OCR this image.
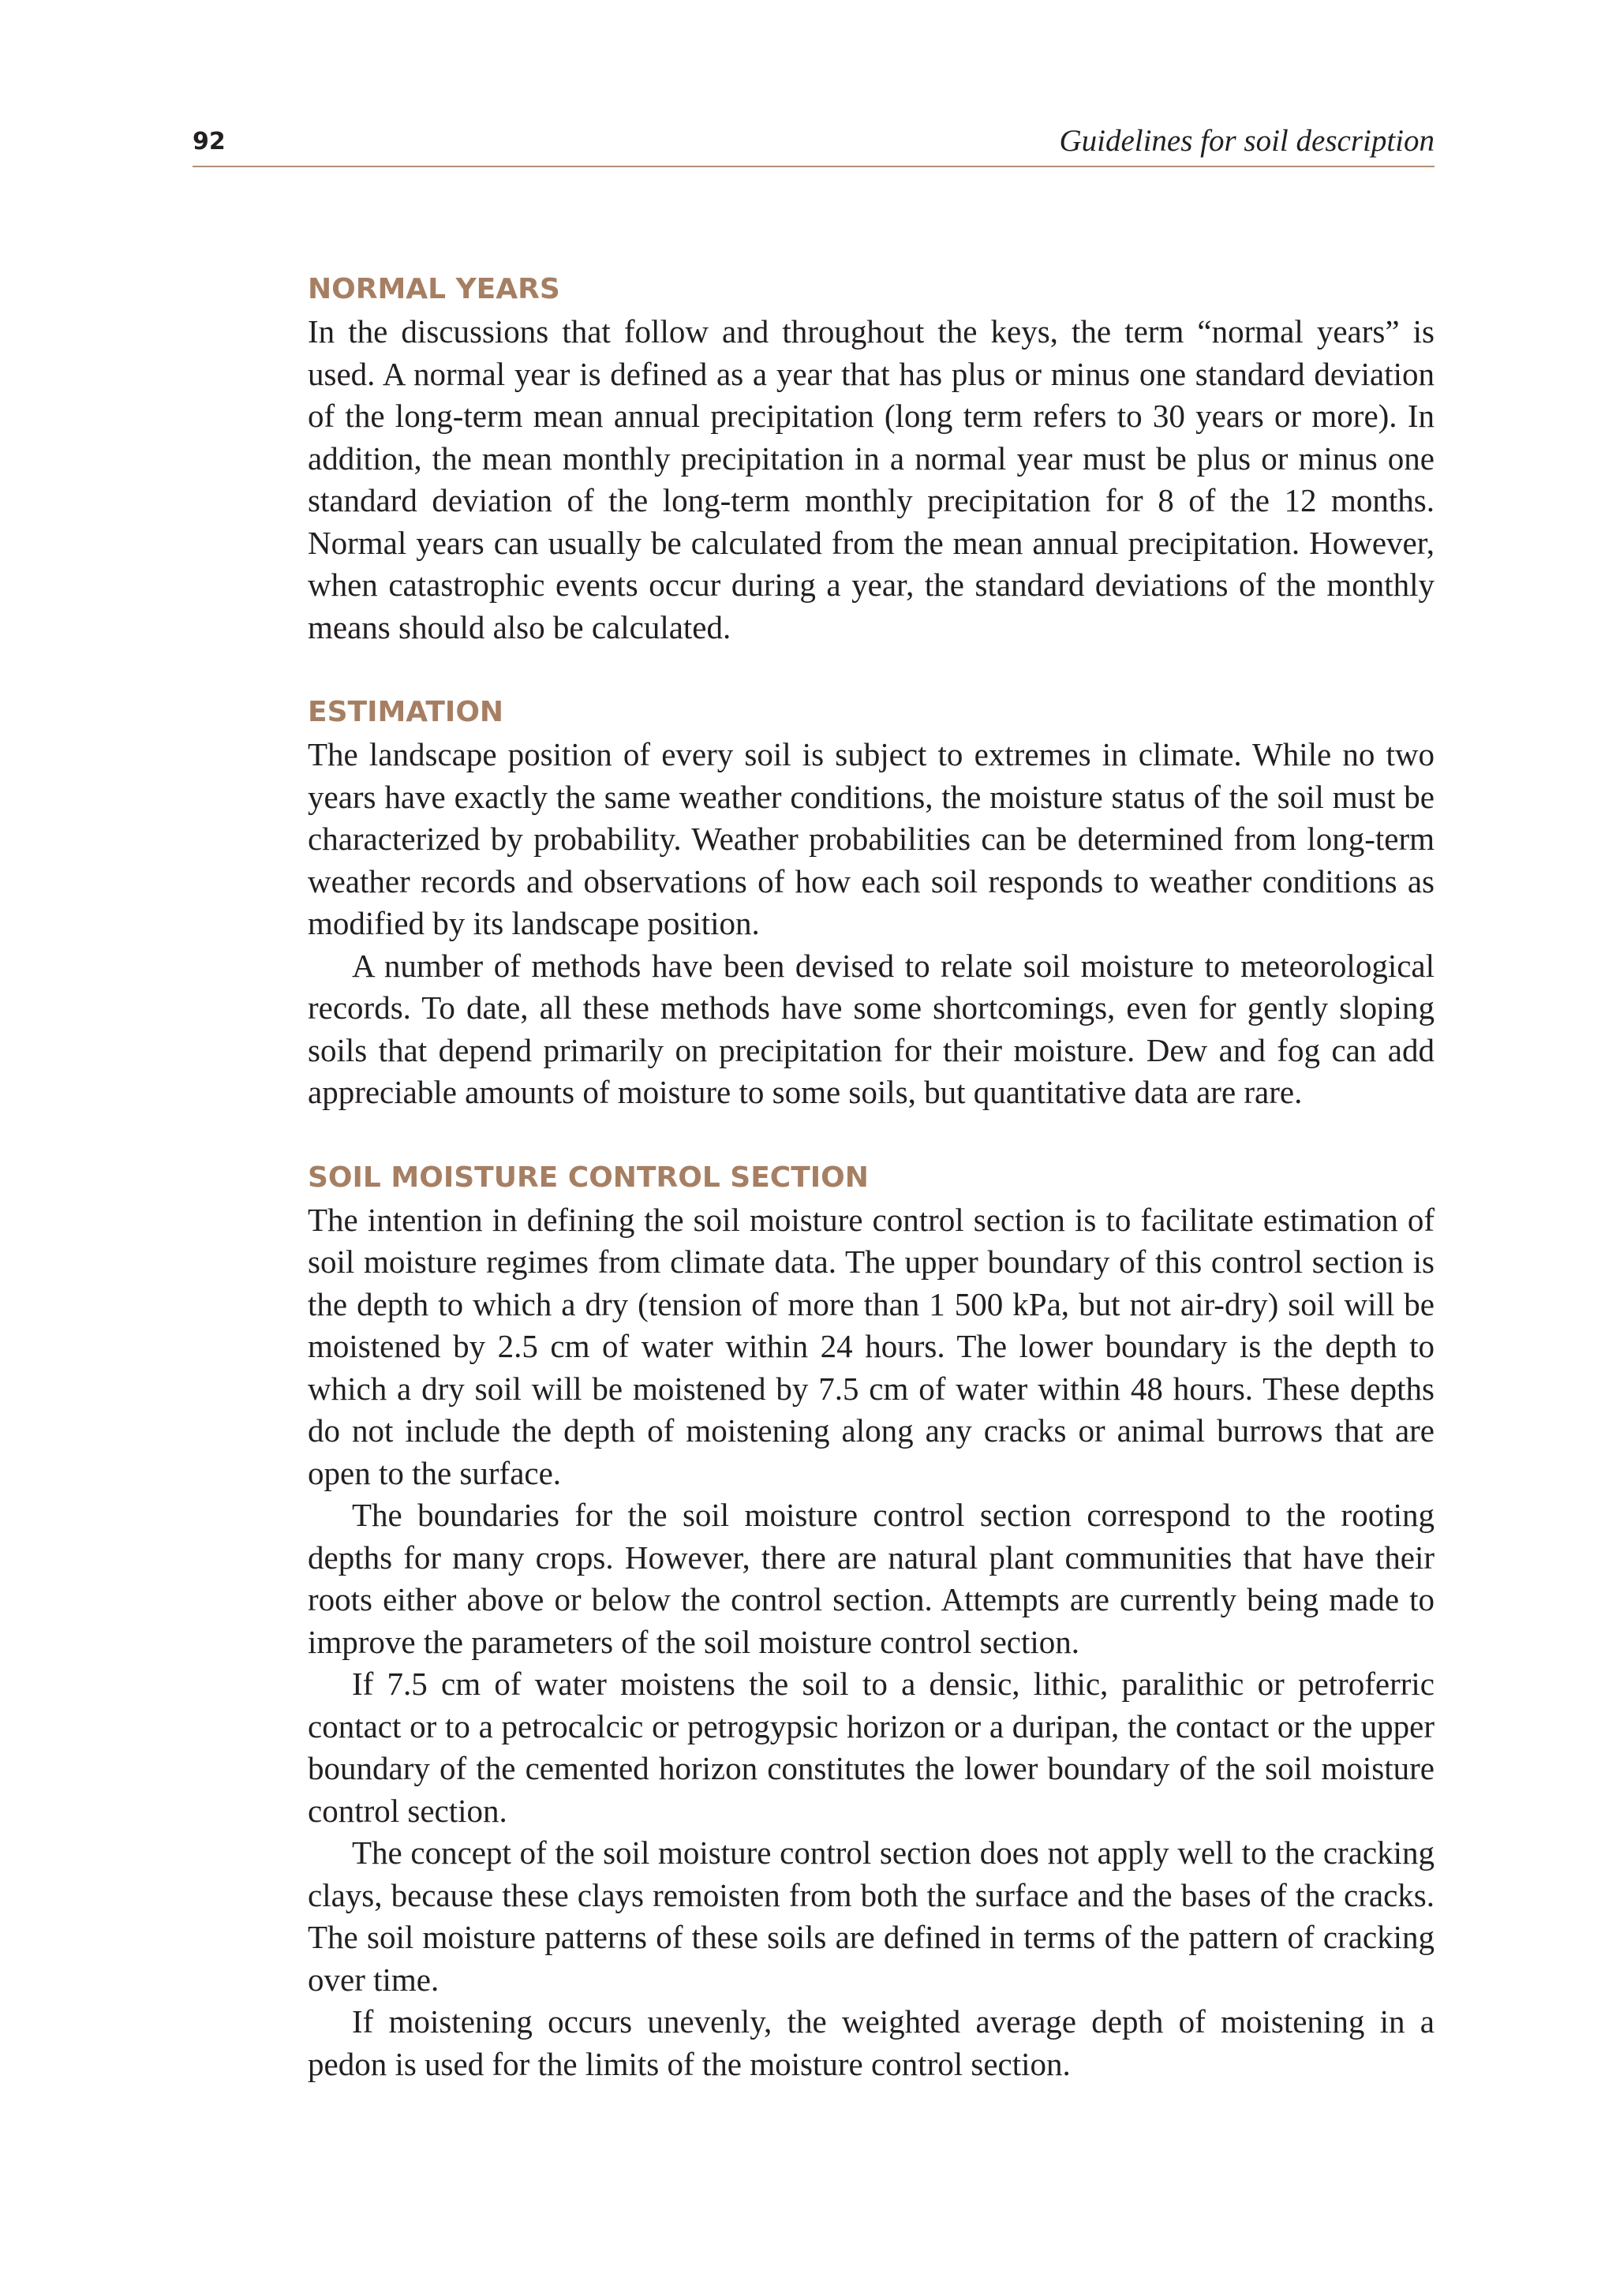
92	Guidelines for soil description
NORMAL YEARS

In the discussions that follow and throughout the keys, the term “normal years” is used. A normal year is defined as a year that has plus or minus one standard deviation of the long-term mean annual precipitation (long term refers to 30 years or more). In addition, the mean monthly precipitation in a normal year must be plus or minus one standard deviation of the long-term monthly precipitation for 8 of the 12 months. Normal years can usually be calculated from the mean annual precipitation. However, when catastrophic events occur during a year, the standard deviations of the monthly means should also be calculated.

ESTIMATION

The landscape position of every soil is subject to extremes in climate. While no two years have exactly the same weather conditions, the moisture status of the soil must be characterized by probability. Weather probabilities can be determined from long-term weather records and observations of how each soil responds to weather conditions as modified by its landscape position.

A number of methods have been devised to relate soil moisture to meteorological records. To date, all these methods have some shortcomings, even for gently sloping soils that depend primarily on precipitation for their moisture. Dew and fog can add appreciable amounts of moisture to some soils, but quantitative data are rare.

SOIL MOISTURE CONTROL SECTION

The intention in defining the soil moisture control section is to facilitate estimation of soil moisture regimes from climate data. The upper boundary of this control section is the depth to which a dry (tension of more than 1 500 kPa, but not air-dry) soil will be moistened by 2.5 cm of water within 24 hours. The lower boundary is the depth to which a dry soil will be moistened by 7.5 cm of water within 48 hours. These depths do not include the depth of moistening along any cracks or animal burrows that are open to the surface.

The boundaries for the soil moisture control section correspond to the rooting depths for many crops. However, there are natural plant communities that have their roots either above or below the control section. Attempts are currently being made to improve the parameters of the soil moisture control section.

If 7.5 cm of water moistens the soil to a densic, lithic, paralithic or petroferric contact or to a petrocalcic or petrogypsic horizon or a duripan, the contact or the upper boundary of the cemented horizon constitutes the lower boundary of the soil moisture control section.

The concept of the soil moisture control section does not apply well to the cracking clays, because these clays remoisten from both the surface and the bases of the cracks. The soil moisture patterns of these soils are defined in terms of the pattern of cracking over time.

If moistening occurs unevenly, the weighted average depth of moistening in a pedon is used for the limits of the moisture control section.
